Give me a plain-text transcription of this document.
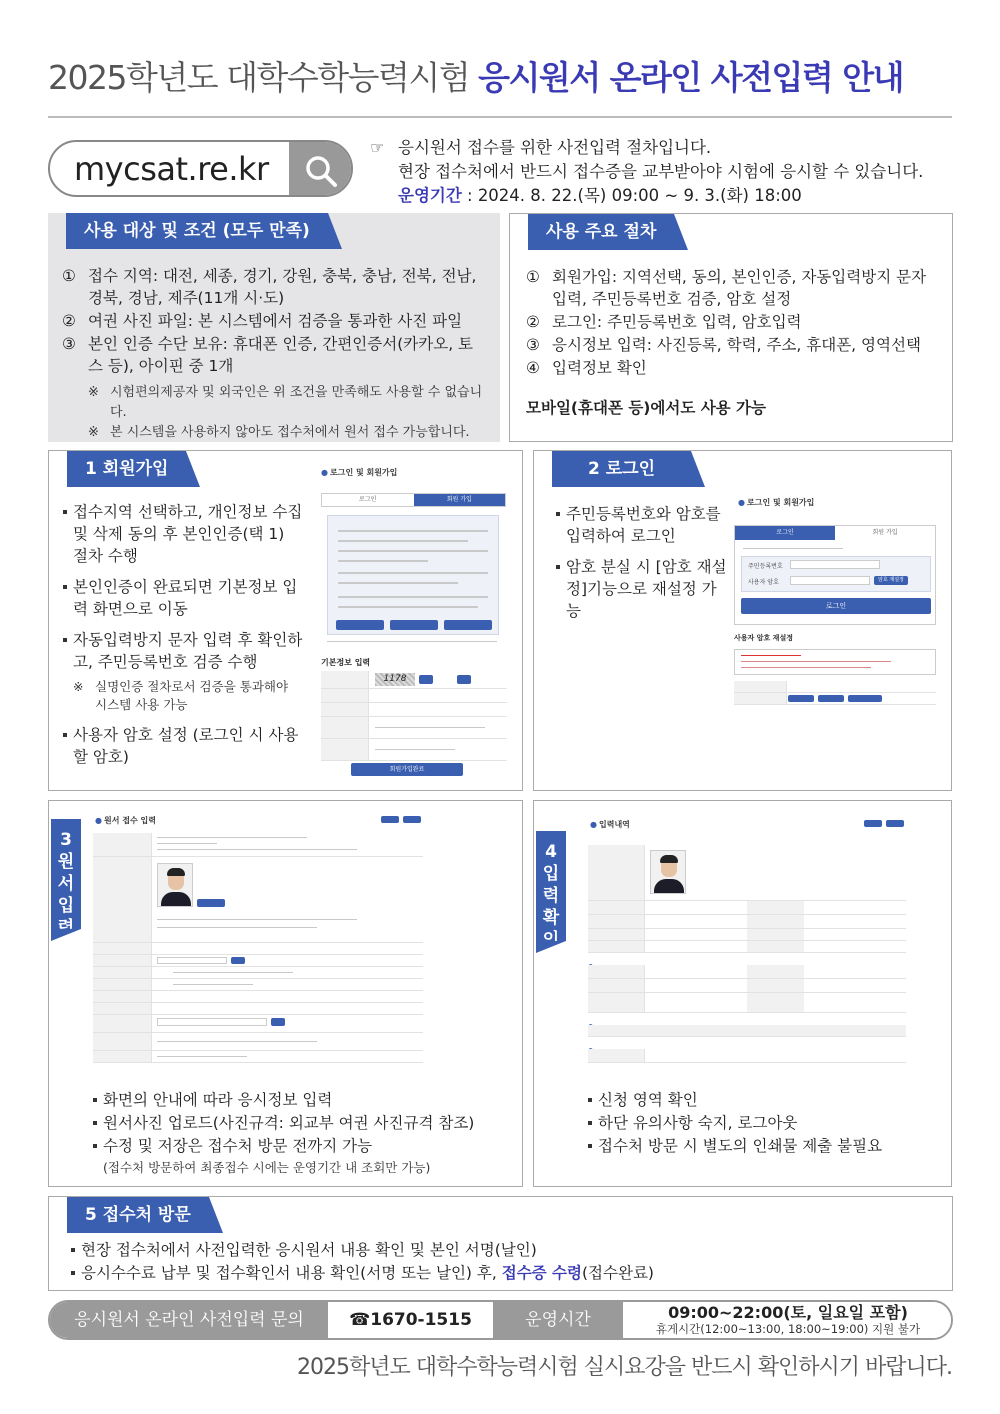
2025학년도 대학수학능력시험 응시원서 온라인 사전입력 안내
mycsat.re.kr
☞ 응시원서 접수를 위한 사전입력 절차입니다.
현장 접수처에서 반드시 접수증을 교부받아야 시험에 응시할 수 있습니다.
운영기간 : 2024. 8. 22.(목) 09:00 ~ 9. 3.(화) 18:00
사용 대상 및 조건 (모두 만족)
① 접수 지역: 대전, 세종, 경기, 강원, 충북, 충남, 전북, 전남, 경북, 경남, 제주(11개 시·도)
② 여권 사진 파일: 본 시스템에서 검증을 통과한 사진 파일
③ 본인 인증 수단 보유: 휴대폰 인증, 간편인증서(카카오, 토스 등), 아이핀 중 1개
※ 시험편의제공자 및 외국인은 위 조건을 만족해도 사용할 수 없습니다.
※ 본 시스템을 사용하지 않아도 접수처에서 원서 접수 가능합니다.
사용 주요 절차
① 회원가입: 지역선택, 동의, 본인인증, 자동입력방지 문자 입력, 주민등록번호 검증, 암호 설정
② 로그인: 주민등록번호 입력, 암호입력
③ 응시정보 입력: 사진등록, 학력, 주소, 휴대폰, 영역선택
④ 입력정보 확인
모바일(휴대폰 등)에서도 사용 가능
1 회원가입
접수지역 선택하고, 개인정보 수집 및 삭제 동의 후 본인인증(택 1) 절차 수행
본인인증이 완료되면 기본정보 입력 화면으로 이동
자동입력방지 문자 입력 후 확인하고, 주민등록번호 검증 수행
※ 실명인증 절차로서 검증을 통과해야 시스템 사용 가능
사용자 암호 설정 (로그인 시 사용할 암호)
● 로그인 및 회원가입
로그인	회원 가입
기본정보 입력
1178
회원가입완료
2 로그인
주민등록번호와 암호를 입력하여 로그인
암호 분실 시 [암호 재설정]기능으로 재설정 가능
● 로그인 및 회원가입
로그인	회원 가입
주민등록번호
사용자 암호	암호 재설정
로그인
사용자 암호 재설정
3
원
서
입
력
● 원서 접수 입력
화면의 안내에 따라 응시정보 입력
원서사진 업로드(사진규격: 외교부 여권 사진규격 참조)
수정 및 저장은 접수처 방문 전까지 가능
(접수처 방문하여 최종접수 시에는 운영기간 내 조회만 가능)
4
입
력
확
인
● 입력내역
신청 영역 확인
하단 유의사항 숙지, 로그아웃
접수처 방문 시 별도의 인쇄물 제출 불필요
5 접수처 방문
현장 접수처에서 사전입력한 응시원서 내용 확인 및 본인 서명(날인)
응시수수료 납부 및 접수확인서 내용 확인(서명 또는 날인) 후, 접수증 수령(접수완료)
응시원서 온라인 사전입력 문의	☎1670-1515	운영시간	09:00~22:00(토, 일요일 포함)
휴게시간(12:00~13:00, 18:00~19:00) 지원 불가
2025학년도 대학수학능력시험 실시요강을 반드시 확인하시기 바랍니다.
